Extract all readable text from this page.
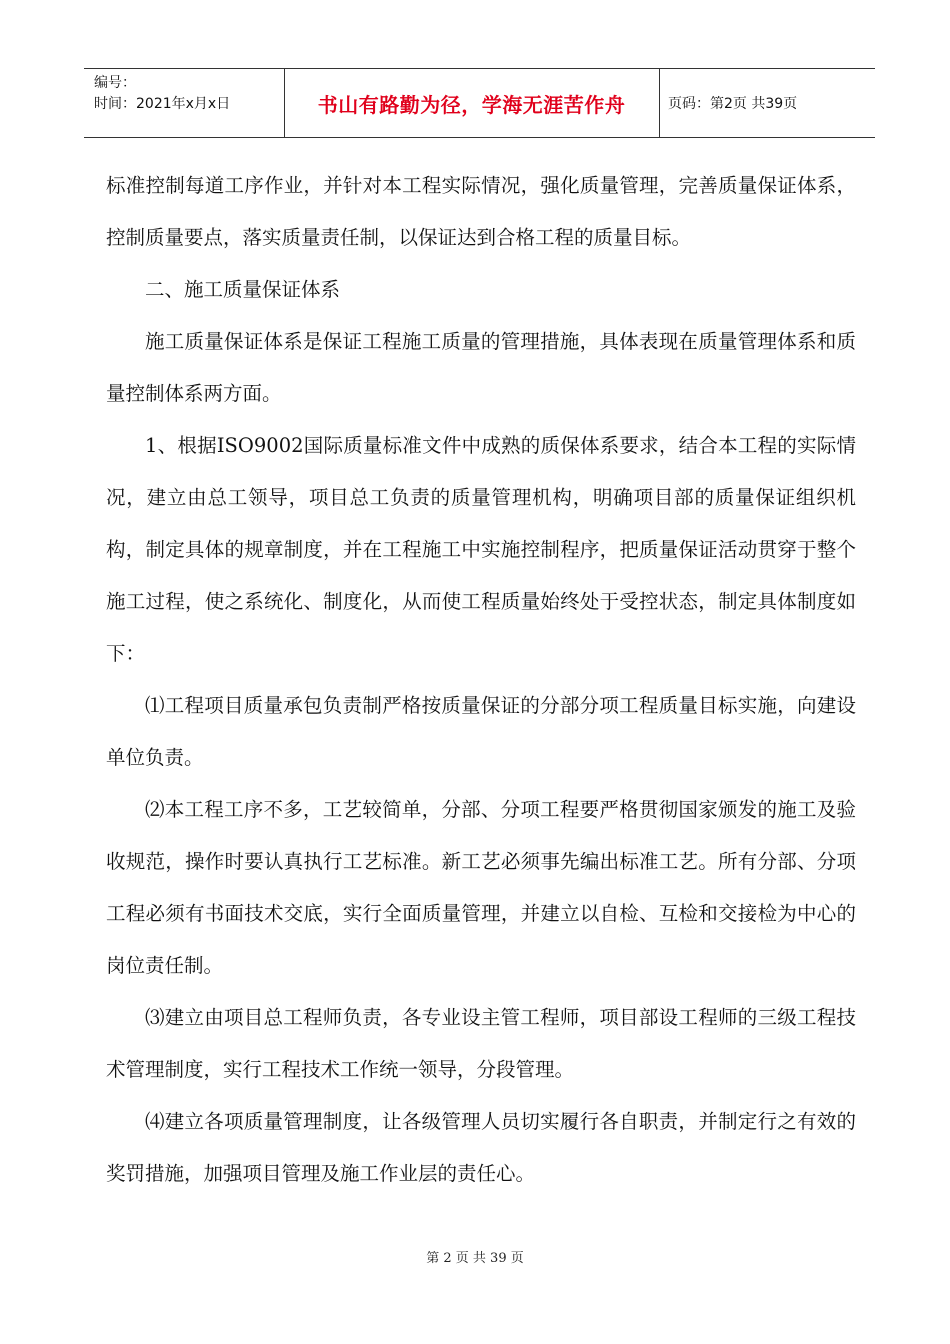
编号：
时间：2021年x月x日	书山有路勤为径，学海无涯苦作舟	页码：第2页 共39页

标准控制每道工序作业，并针对本工程实际情况，强化质量管理，完善质量保证体系，控制质量要点，落实质量责任制，以保证达到合格工程的质量目标。

二、施工质量保证体系

施工质量保证体系是保证工程施工质量的管理措施，具体表现在质量管理体系和质量控制体系两方面。

1、根据ISO9002国际质量标准文件中成熟的质保体系要求，结合本工程的实际情况，建立由总工领导，项目总工负责的质量管理机构，明确项目部的质量保证组织机构，制定具体的规章制度，并在工程施工中实施控制程序，把质量保证活动贯穿于整个施工过程，使之系统化、制度化，从而使工程质量始终处于受控状态，制定具体制度如下：

⑴工程项目质量承包负责制严格按质量保证的分部分项工程质量目标实施，向建设单位负责。

⑵本工程工序不多，工艺较简单，分部、分项工程要严格贯彻国家颁发的施工及验收规范，操作时要认真执行工艺标准。新工艺必须事先编出标准工艺。所有分部、分项工程必须有书面技术交底，实行全面质量管理，并建立以自检、互检和交接检为中心的岗位责任制。

⑶建立由项目总工程师负责，各专业设主管工程师，项目部设工程师的三级工程技术管理制度，实行工程技术工作统一领导，分段管理。

⑷建立各项质量管理制度，让各级管理人员切实履行各自职责，并制定行之有效的奖罚措施，加强项目管理及施工作业层的责任心。

第 2 页 共 39 页
